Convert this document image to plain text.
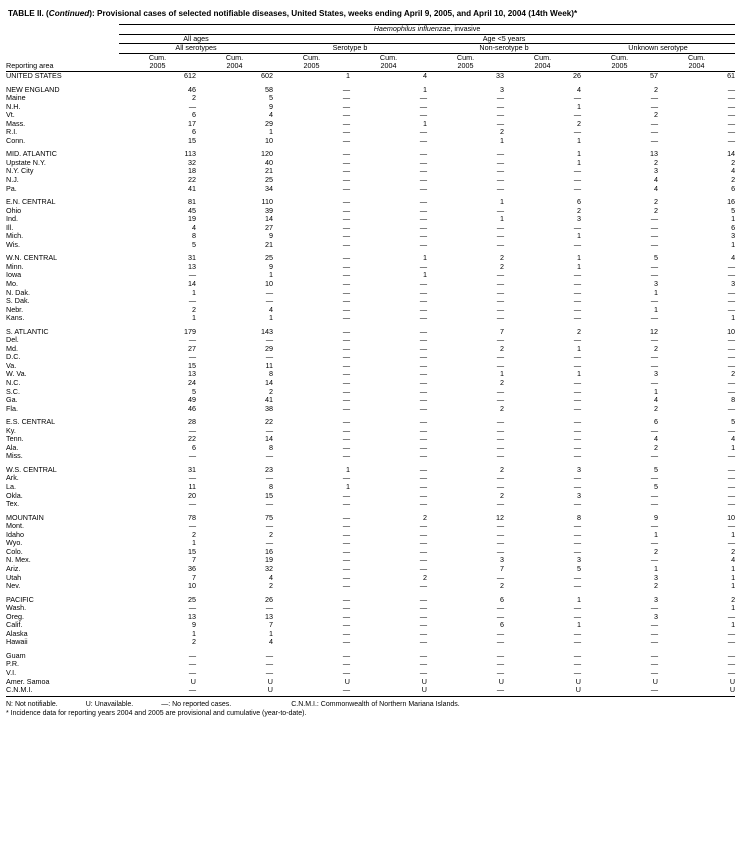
TABLE II. (Continued): Provisional cases of selected notifiable diseases, United States, weeks ending April 9, 2005, and April 10, 2004 (14th Week)*
	Haemophilus influenzae, invasive							
	All ages		Age <5 years					
	All serotypes		Serotype b		Non-serotype b		Unknown serotype	
	Cum.	Cum.	Cum.	Cum.	Cum.	Cum.	Cum.	Cum.
Reporting area	2005	2004	2005	2004	2005	2004	2005	2004
UNITED STATES	612	602	1	4	33	26	57	61

NEW ENGLAND	46	58	—	1	3	4	2	—
Maine	2	5	—	—	—	—	—	—
N.H.	—	9	—	—	—	1	—	—
Vt.	6	4	—	—	—	—	2	—
Mass.	17	29	—	1	—	2	—	—
R.I.	6	1	—	—	2	—	—	—
Conn.	15	10	—	—	1	1	—	—

MID. ATLANTIC	113	120	—	—	—	1	13	14
Upstate N.Y.	32	40	—	—	—	1	2	2
N.Y. City	18	21	—	—	—	—	3	4
N.J.	22	25	—	—	—	—	4	2
Pa.	41	34	—	—	—	—	4	6

E.N. CENTRAL	81	110	—	—	1	6	2	16
Ohio	45	39	—	—	—	2	2	5
Ind.	19	14	—	—	1	3	—	1
Ill.	4	27	—	—	—	—	—	6
Mich.	8	9	—	—	—	1	—	3
Wis.	5	21	—	—	—	—	—	1

W.N. CENTRAL	31	25	—	1	2	1	5	4
Minn.	13	9	—	—	2	1	—	—
Iowa	—	1	—	1	—	—	—	—
Mo.	14	10	—	—	—	—	3	3
N. Dak.	1	—	—	—	—	—	1	—
S. Dak.	—	—	—	—	—	—	—	—
Nebr.	2	4	—	—	—	—	1	—
Kans.	1	1	—	—	—	—	—	1

S. ATLANTIC	179	143	—	—	7	2	12	10
Del.	—	—	—	—	—	—	—	—
Md.	27	29	—	—	2	1	2	—
D.C.	—	—	—	—	—	—	—	—
Va.	15	11	—	—	—	—	—	—
W. Va.	13	8	—	—	1	1	3	2
N.C.	24	14	—	—	2	—	—	—
S.C.	5	2	—	—	—	—	1	—
Ga.	49	41	—	—	—	—	4	8
Fla.	46	38	—	—	2	—	2	—

E.S. CENTRAL	28	22	—	—	—	—	6	5
Ky.	—	—	—	—	—	—	—	—
Tenn.	22	14	—	—	—	—	4	4
Ala.	6	8	—	—	—	—	2	1
Miss.	—	—	—	—	—	—	—	—

W.S. CENTRAL	31	23	1	—	2	3	5	—
Ark.	—	—	—	—	—	—	—	—
La.	11	8	1	—	—	—	5	—
Okla.	20	15	—	—	2	3	—	—
Tex.	—	—	—	—	—	—	—	—

MOUNTAIN	78	75	—	2	12	8	9	10
Mont.	—	—	—	—	—	—	—	—
Idaho	2	2	—	—	—	—	1	1
Wyo.	1	—	—	—	—	—	—	—
Colo.	15	16	—	—	—	—	2	2
N. Mex.	7	19	—	—	3	3	—	4
Ariz.	36	32	—	—	7	5	1	1
Utah	7	4	—	2	—	—	3	1
Nev.	10	2	—	—	2	—	2	1

PACIFIC	25	26	—	—	6	1	3	2
Wash.	—	—	—	—	—	—	—	1
Oreg.	13	13	—	—	—	—	3	—
Calif.	9	7	—	—	6	1	—	1
Alaska	1	1	—	—	—	—	—	—
Hawaii	2	4	—	—	—	—	—	—

Guam	—	—	—	—	—	—	—	—
P.R.	—	—	—	—	—	—	—	—
V.I.	—	—	—	—	—	—	—	—
Amer. Samoa	U	U	U	U	U	U	U	U
C.N.M.I.	—	U	—	U	—	U	—	U
N: Not notifiable.	U: Unavailable.	—: No reported cases.	C.N.M.I.: Commonwealth of Northern Mariana Islands.
* Incidence data for reporting years 2004 and 2005 are provisional and cumulative (year-to-date).
